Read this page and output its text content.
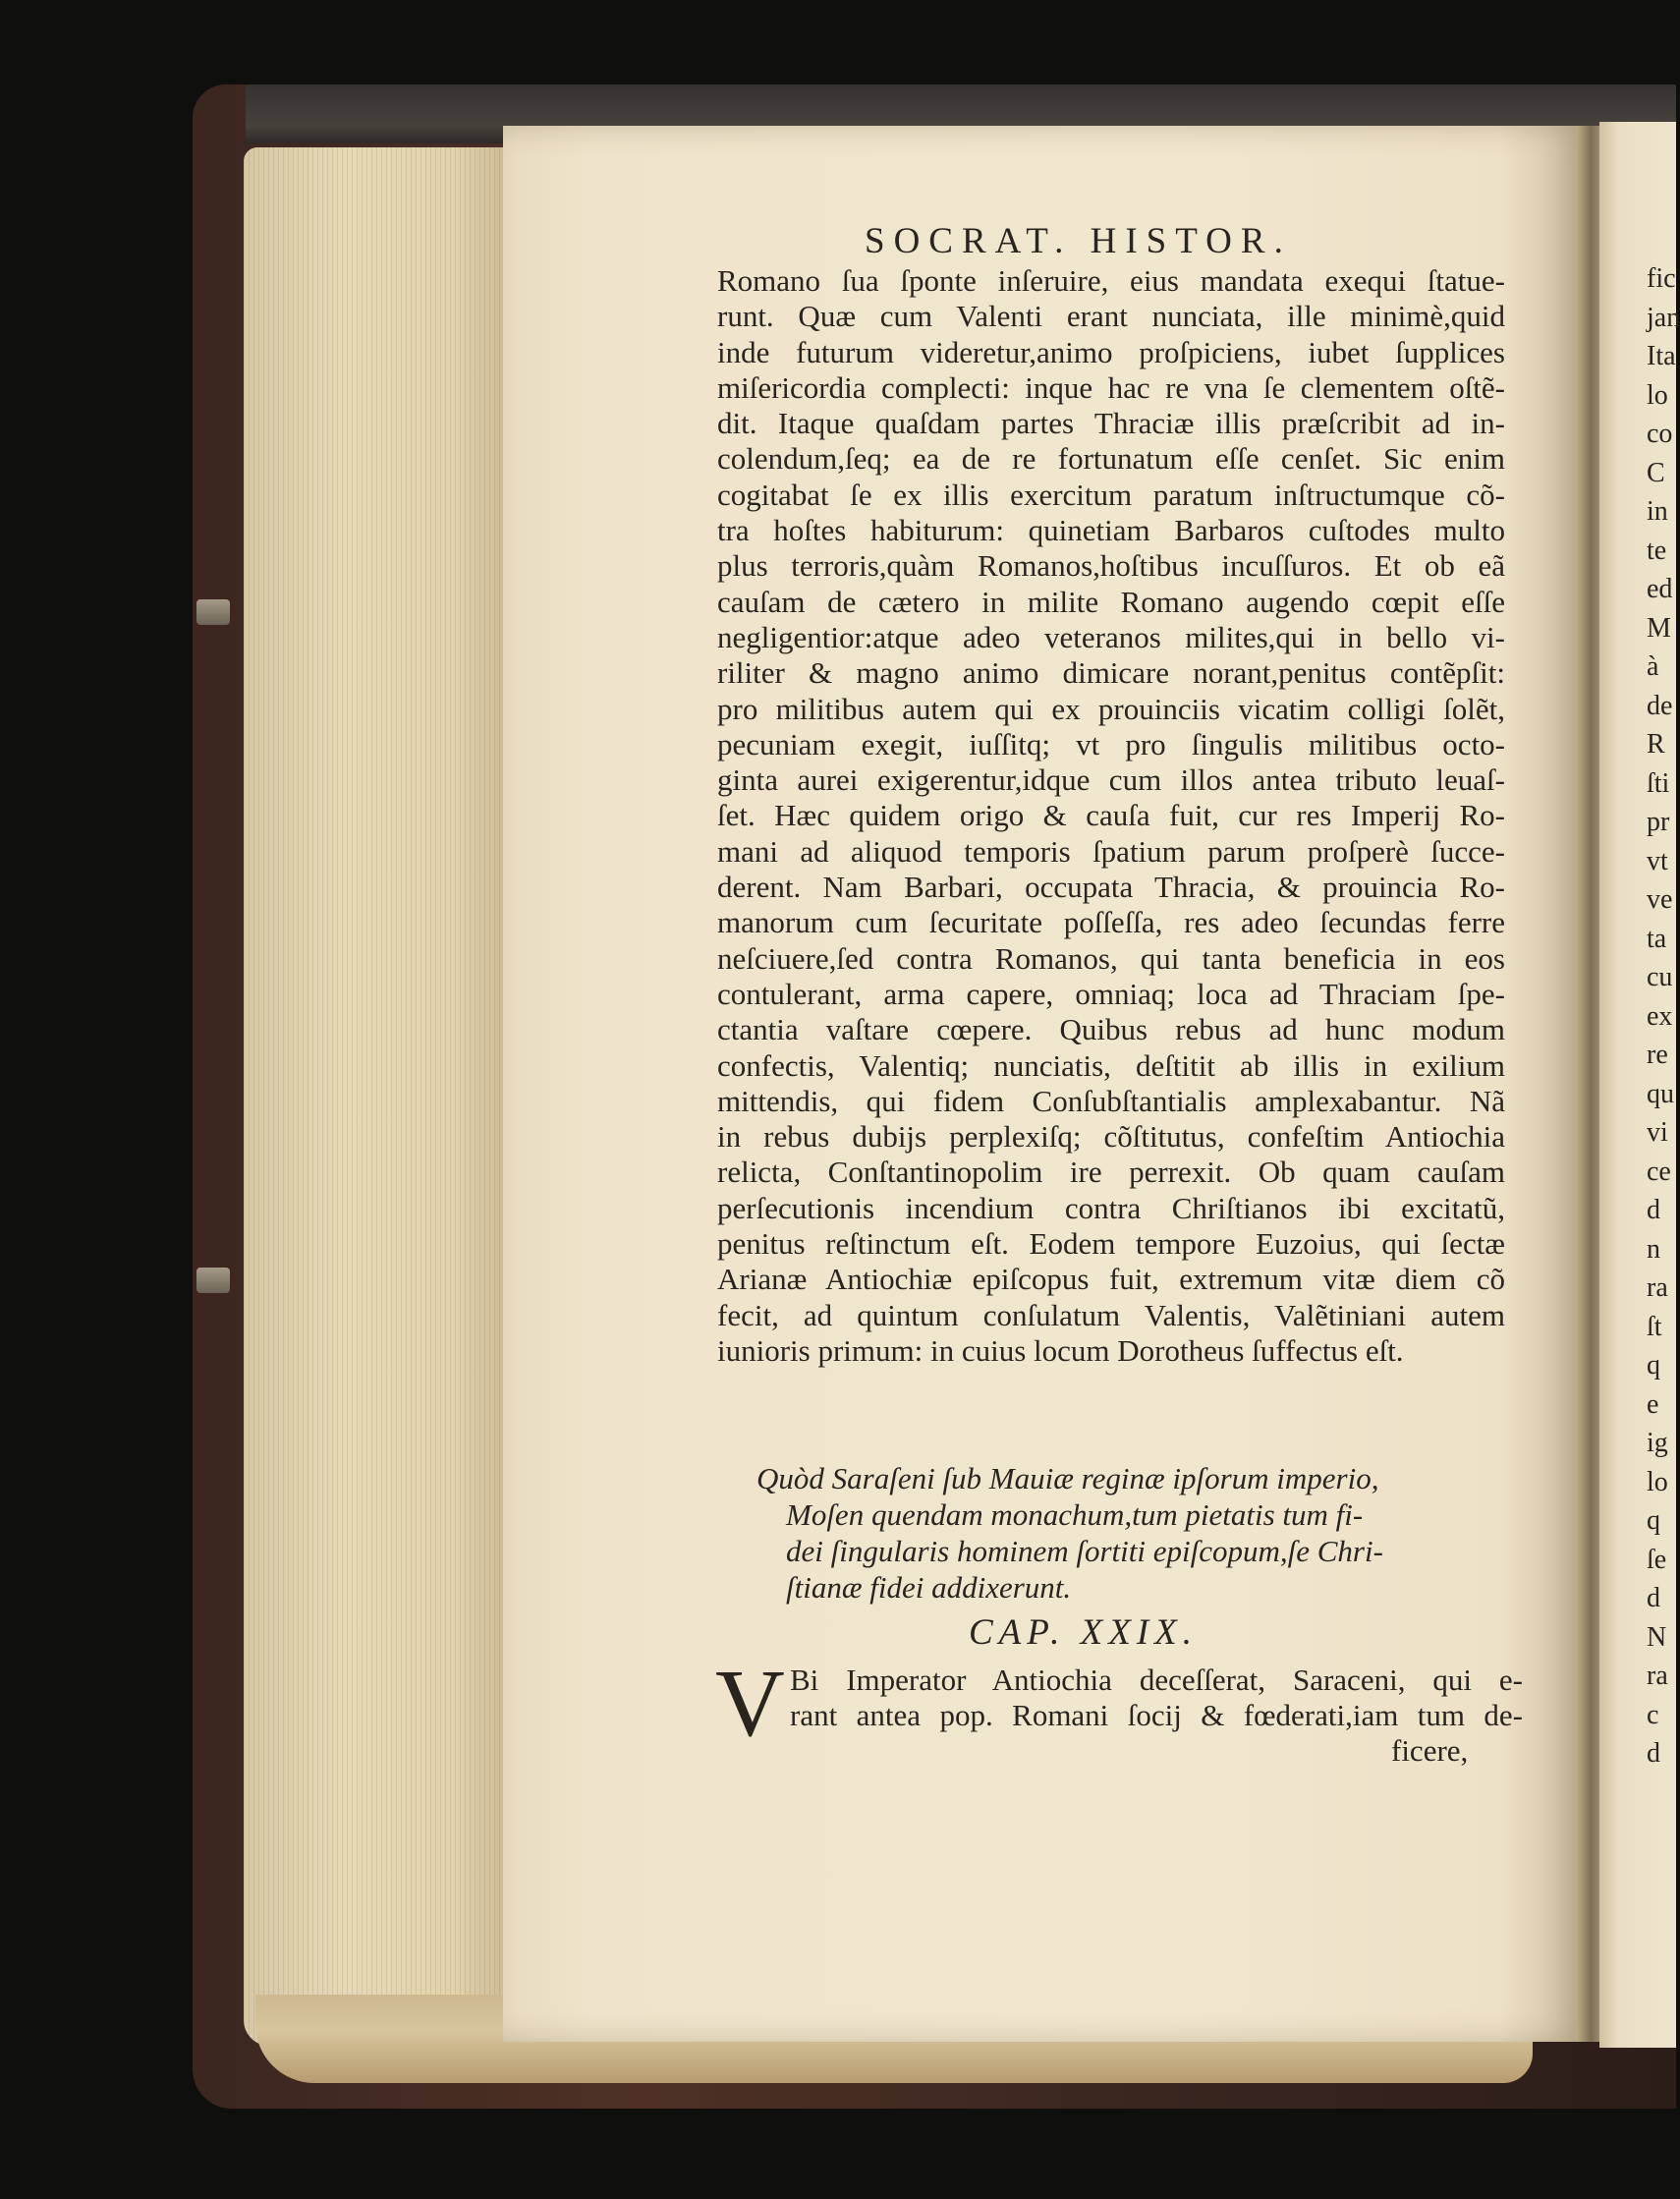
SOCRAT. HISTOR.
Romano ſua ſponte inſeruire, eius mandata exequi ſtatue-
runt. Quæ cum Valenti erant nunciata, ille minimè,quid
inde futurum videretur,animo proſpiciens, iubet ſupplices
miſericordia complecti: inque hac re vna ſe clementem oſtẽ-
dit. Itaque quaſdam partes Thraciæ illis præſcribit ad in-
colendum,ſeq; ea de re fortunatum eſſe cenſet. Sic enim
cogitabat ſe ex illis exercitum paratum inſtructumque cõ-
tra hoſtes habiturum: quinetiam Barbaros cuſtodes multo
plus terroris,quàm Romanos,hoſtibus incuſſuros. Et ob eã
cauſam de cætero in milite Romano augendo cœpit eſſe
negligentior:atque adeo veteranos milites,qui in bello vi-
riliter & magno animo dimicare norant,penitus contẽpſit:
pro militibus autem qui ex prouinciis vicatim colligi ſolẽt,
pecuniam exegit, iuſſitq; vt pro ſingulis militibus octo-
ginta aurei exigerentur,idque cum illos antea tributo leuaſ-
ſet. Hæc quidem origo & cauſa fuit, cur res Imperij Ro-
mani ad aliquod temporis ſpatium parum proſperè ſucce-
derent. Nam Barbari, occupata Thracia, & prouincia Ro-
manorum cum ſecuritate poſſeſſa, res adeo ſecundas ferre
neſciuere,ſed contra Romanos, qui tanta beneficia in eos
contulerant, arma capere, omniaq; loca ad Thraciam ſpe-
ctantia vaſtare cœpere. Quibus rebus ad hunc modum
confectis, Valentiq; nunciatis, deſtitit ab illis in exilium
mittendis, qui fidem Conſubſtantialis amplexabantur. Nã
in rebus dubijs perplexiſq; cõſtitutus, confeſtim Antiochia
relicta, Conſtantinopolim ire perrexit. Ob quam cauſam
perſecutionis incendium contra Chriſtianos ibi excitatũ,
penitus reſtinctum eſt. Eodem tempore Euzoius, qui ſectæ
Arianæ Antiochiæ epiſcopus fuit, extremum vitæ diem cõ
fecit, ad quintum conſulatum Valentis, Valẽtiniani autem
iunioris primum: in cuius locum Dorotheus ſuffectus eſt.
Quòd Saraſeni ſub Mauiæ reginæ ipſorum imperio,
Moſen quendam monachum,tum pietatis tum fi-
dei ſingularis hominem ſortiti epiſcopum,ſe Chri-
ſtianæ fidei addixerunt.
CAP. XXIX.
V Bi Imperator Antiochia deceſſerat, Saraceni, qui e-
rant antea pop. Romani ſocij & fœderati,iam tum de-
ficere,
fic
jan
Ita
lo
co
C
in
te
ed
M
à
de
R
ſti
pr
vt
ve
ta
cu
ex
re
qu
vi
ce
d
n
ra
ſt
q
e
ig
lo
q
ſe
d
N
ra
c
d
